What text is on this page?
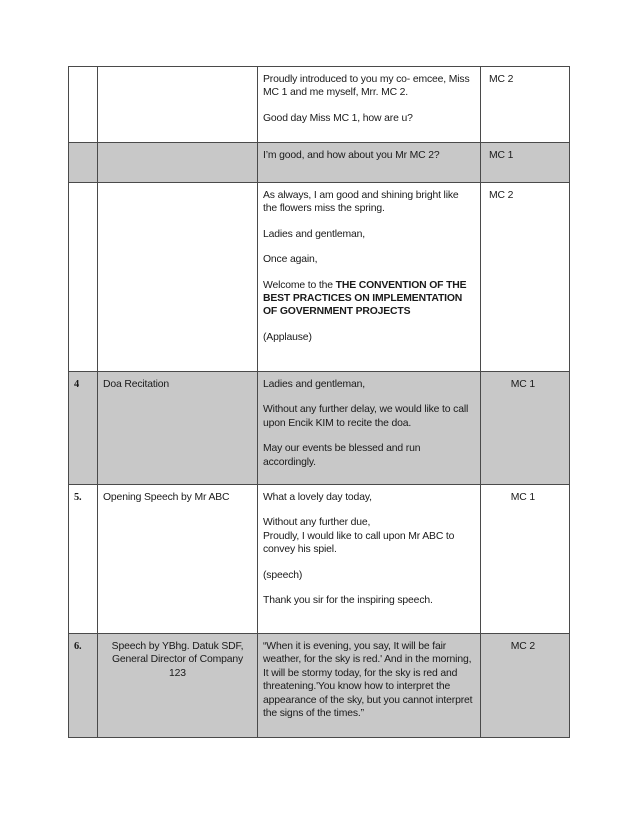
		Proudly introduced to you my co- emcee, Miss MC 1 and me myself, Mrr. MC 2.

Good day Miss MC 1, how are u?	MC 2

		I’m good, and how about you Mr MC 2?	MC 1

		As always, I am good and shining bright like the flowers miss the spring.

Ladies and gentleman,

Once again,

Welcome to the THE CONVENTION OF THE BEST PRACTICES ON IMPLEMENTATION OF GOVERNMENT PROJECTS

(Applause)	MC 2
4	Doa Recitation	Ladies and gentleman,

Without any further delay, we would like to call upon Encik KIM to recite the doa.

May our events be blessed and run accordingly.	MC 1
5.	Opening Speech by Mr ABC	What a lovely day today,

Without any further due,

Proudly, I would like to call upon Mr ABC to convey his spiel.

(speech)

Thank you sir for the inspiring speech.	MC 1
6.	Speech by YBhg. Datuk SDF, General Director of Company 123	“When it is evening, you say, It will be fair weather, for the sky is red.' And in the morning, It will be stormy today, for the sky is red and threatening.'You know how to interpret the appearance of the sky, but you cannot interpret the signs of the times.”	MC 2
